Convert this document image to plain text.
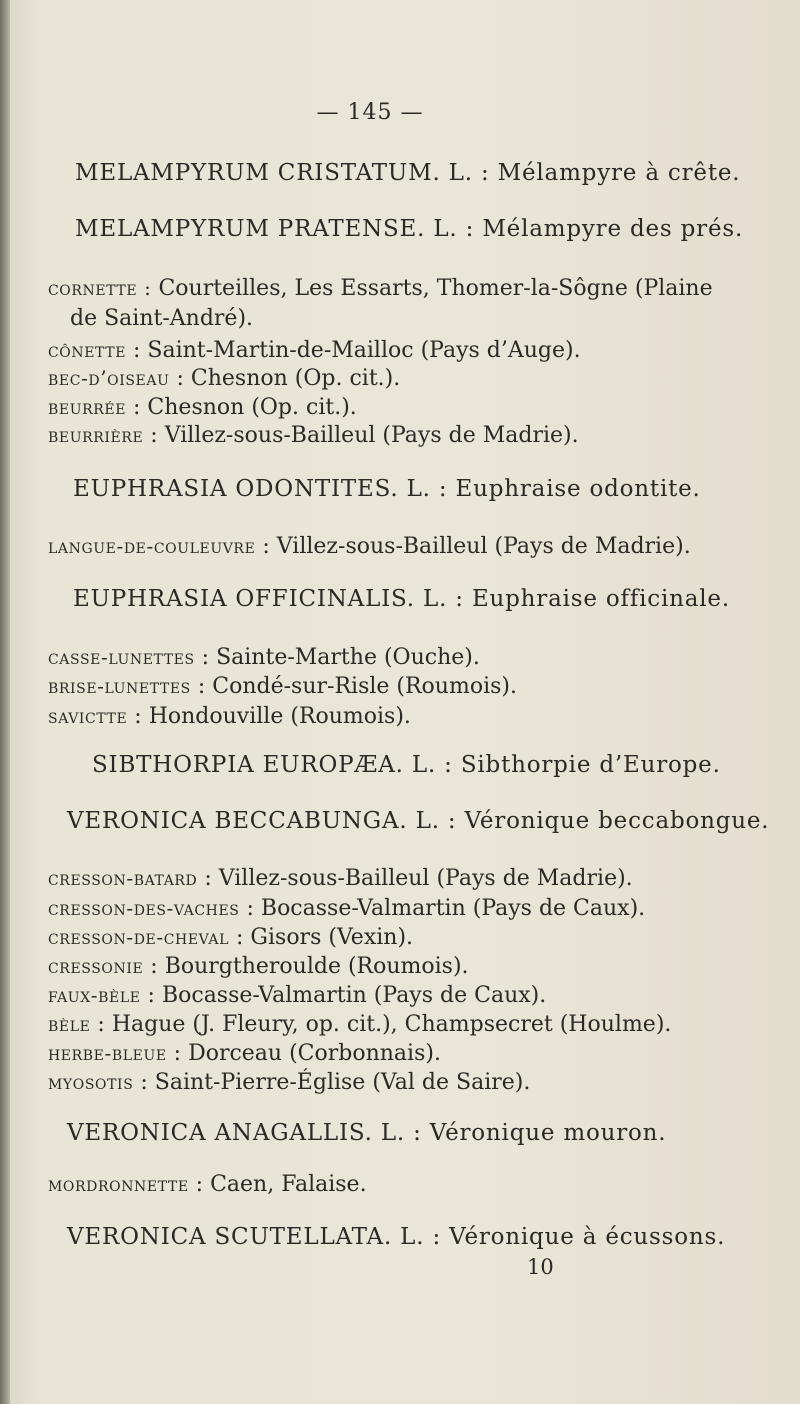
— 145 —
MELAMPYRUM CRISTATUM. L. : Mélampyre à crête.
MELAMPYRUM PRATENSE. L. : Mélampyre des prés.
cornette : Courteilles, Les Essarts, Thomer-la-Sôgne (Plaine
de Saint-André).
cônette : Saint-Martin-de-Mailloc (Pays d’Auge).
bec-d’oiseau : Chesnon (Op. cit.).
beurrée : Chesnon (Op. cit.).
beurrière : Villez-sous-Bailleul (Pays de Madrie).
EUPHRASIA ODONTITES. L. : Euphraise odontite.
langue-de-couleuvre : Villez-sous-Bailleul (Pays de Madrie).
EUPHRASIA OFFICINALIS. L. : Euphraise officinale.
casse-lunettes : Sainte-Marthe (Ouche).
brise-lunettes : Condé-sur-Risle (Roumois).
savictte : Hondouville (Roumois).
SIBTHORPIA EUROPÆA. L. : Sibthorpie d’Europe.
VERONICA BECCABUNGA. L. : Véronique beccabongue.
cresson-batard : Villez-sous-Bailleul (Pays de Madrie).
cresson-des-vaches : Bocasse-Valmartin (Pays de Caux).
cresson-de-cheval : Gisors (Vexin).
cressonie : Bourgtheroulde (Roumois).
faux-bèle : Bocasse-Valmartin (Pays de Caux).
bèle : Hague (J. Fleury, op. cit.), Champsecret (Houlme).
herbe-bleue : Dorceau (Corbonnais).
myosotis : Saint-Pierre-Église (Val de Saire).
VERONICA ANAGALLIS. L. : Véronique mouron.
mordronnette : Caen, Falaise.
VERONICA SCUTELLATA. L. : Véronique à écussons.
10
